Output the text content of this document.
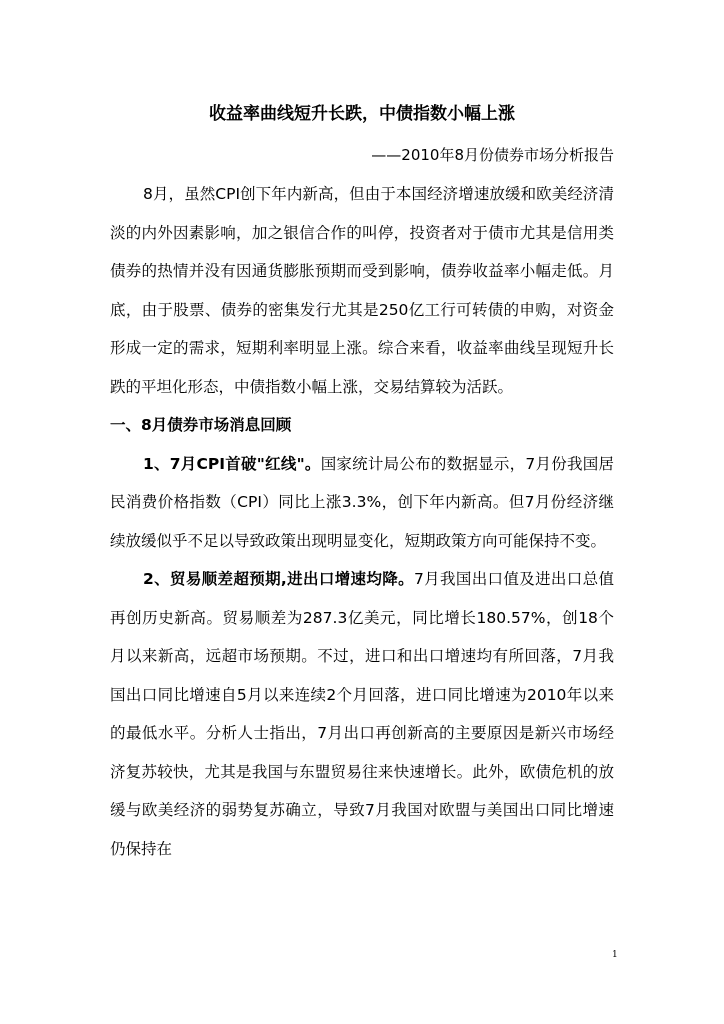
收益率曲线短升长跌，中债指数小幅上涨
——2010年8月份债券市场分析报告

8月，虽然CPI创下年内新高，但由于本国经济增速放缓和欧美经济清淡的内外因素影响，加之银信合作的叫停，投资者对于债市尤其是信用类债券的热情并没有因通货膨胀预期而受到影响，债券收益率小幅走低。月底，由于股票、债券的密集发行尤其是250亿工行可转债的申购，对资金形成一定的需求，短期利率明显上涨。综合来看，收益率曲线呈现短升长跌的平坦化形态，中债指数小幅上涨，交易结算较为活跃。

一、8月债券市场消息回顾

1、7月CPI首破"红线"。国家统计局公布的数据显示，7月份我国居民消费价格指数（CPI）同比上涨3.3%，创下年内新高。但7月份经济继续放缓似乎不足以导致政策出现明显变化，短期政策方向可能保持不变。

2、贸易顺差超预期,进出口增速均降。7月我国出口值及进出口总值再创历史新高。贸易顺差为287.3亿美元，同比增长180.57%，创18个月以来新高，远超市场预期。不过，进口和出口增速均有所回落，7月我国出口同比增速自5月以来连续2个月回落，进口同比增速为2010年以来的最低水平。分析人士指出，7月出口再创新高的主要原因是新兴市场经济复苏较快，尤其是我国与东盟贸易往来快速增长。此外，欧债危机的放缓与欧美经济的弱势复苏确立，导致7月我国对欧盟与美国出口同比增速仍保持在

1
